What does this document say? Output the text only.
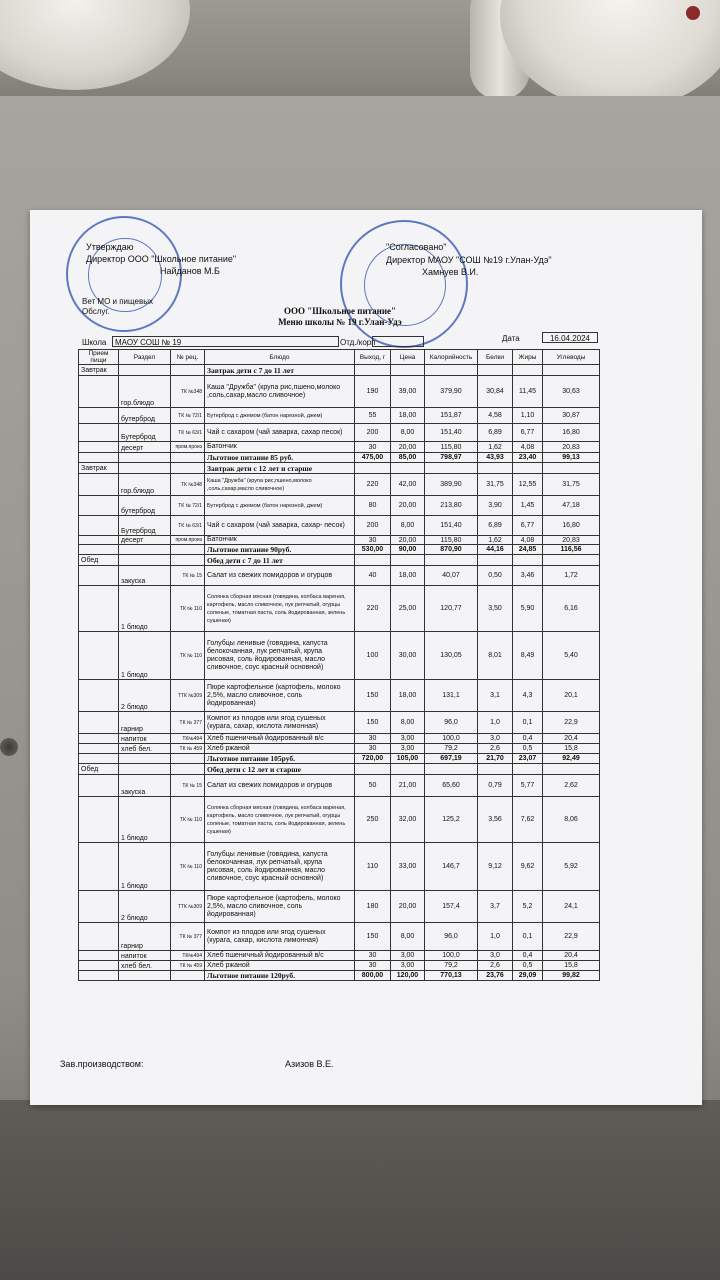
Утверждаю
Директор ООО "Школьное питание"
Найданов М.Б
Вет МО и пищевых
Обслуг.
"Согласовано"
Директор МАОУ "СОШ №19 г.Улан-Удэ"
Хамнуев В.И.
ООО "Школьное питание"
Меню школы № 19 г.Улан-Удэ
Школа	МАОУ СОШ № 19	Отд./корп	Дата	16.04.2024
Прием пищи	Раздел	№ рец.	Блюдо	Выход, г	Цена	Калорийность	Белки	Жиры	Углеводы
Завтрак			Завтрак дети с 7 до 11 лет						
	гор.блюдо	ТК №348	Каша "Дружба" (крупа рис,пшено,молоко ,соль,сахар,масло сливочное)	190	39,00	379,90	30,84	11,45	30,63
	бутерброд	ТК № 72/1	Бутерброд с джемом (батон нарезной, джем)	55	18,00	151,87	4,58	1,10	30,87
	Бутерброд	ТК № 63/1	Чай с сахаром (чай заварка, сахар песок)	200	8,00	151,40	6,89	6,77	16,80
	десерт	пром.произ	Батончик	30	20,00	115,80	1,62	4,08	20,83
			Льготное питание 85 руб.	475,00	85,00	798,97	43,93	23,40	99,13
Завтрак			Завтрак дети с 12 лет и старше						
	гор.блюдо	ТК №348	Каша "Дружба" (крупа рис,пшено,молоко ,соль,сахар,масло сливочное)	220	42,00	389,90	31,75	12,55	31,75
	бутерброд	ТК № 72/1	Бутерброд с джемом (батон нарезной, джем)	80	20,00	213,80	3,90	1,45	47,18
	Бутерброд	ТК № 63/1	Чай с сахаром (чай заварка, сахар- песок)	200	8,00	151,40	6,89	6,77	16,80
	десерт	пром.произ	Батончик	30	20,00	115,80	1,62	4,08	20,83
			Льготное питание 90руб.	530,00	90,00	870,90	44,16	24,85	116,56
Обед			Обед дети с 7 до 11 лет						
	закуска	ТК № 15	Салат из свежих помидоров и огурцов	40	18,00	40,07	0,50	3,46	1,72
	1 блюдо	ТК № 110	Солянка сборная мясная (говядина, колбаса вареная, картофель, масло сливочное, лук репчатый, огурцы соленые, томатная паста, соль йодированная, зелень сушеная)	220	25,00	120,77	3,50	5,90	6,16
	1 блюдо	ТК № 110	Голубцы ленивые (говядина, капуста белокочанная, лук репчатый, крупа рисовая, соль йодированная, масло сливочное, соус красный основной)	100	30,00	130,05	8,01	8,49	5,40
	2 блюдо	ТТК №309	Пюре картофельное (картофель, молоко 2,5%, масло сливочное, соль йодированная)	150	18,00	131,1	3,1	4,3	20,1
	гарнир	ТК № 377	Компот из плодов или ягод сушеных (курага, сахар, кислота лимонная)	150	8,00	96,0	1,0	0,1	22,9
	напиток	ТК№494	Хлеб пшеничный йодированный в/с	30	3,00	100,0	3,0	0,4	20,4
	хлеб бел.	ТК № 459	Хлеб ржаной	30	3,00	79,2	2,6	0,5	15,8
			Льготное питание 105руб.	720,00	105,00	697,19	21,70	23,07	92,49
Обед			Обед дети с 12 лет и старше						
	закуска	ТК № 15	Салат из свежих помидоров и огурцов	50	21,00	65,60	0,79	5,77	2,62
	1 блюдо	ТК № 110	Солянка сборная мясная (говядина, колбаса вареная, картофель, масло сливочное, лук репчатый, огурцы соленые, томатная паста, соль йодированная, зелень сушеная)	250	32,00	125,2	3,56	7,62	8,06
	1 блюдо	ТК № 110	Голубцы ленивые (говядина, капуста белокочанная, лук репчатый, крупа рисовая, соль йодированная, масло сливочное, соус красный основной)	110	33,00	146,7	9,12	9,62	5,92
	2 блюдо	ТТК №309	Пюре картофельное (картофель, молоко 2,5%, масло сливочное, соль йодированная)	180	20,00	157,4	3,7	5,2	24,1
	гарнир	ТК № 377	Компот из плодов или ягод сушеных (курага, сахар, кислота лимонная)	150	8,00	96,0	1,0	0,1	22,9
	напиток	ТК№494	Хлеб пшеничный йодированный в/с	30	3,00	100,0	3,0	0,4	20,4
	хлеб бел.	ТК № 459	Хлеб ржаной	30	3,00	79,2	2,6	0,5	15,8
			Льготное питание 120руб.	800,00	120,00	770,13	23,76	29,09	99,82
Зав.производством:	Азизов В.Е.
